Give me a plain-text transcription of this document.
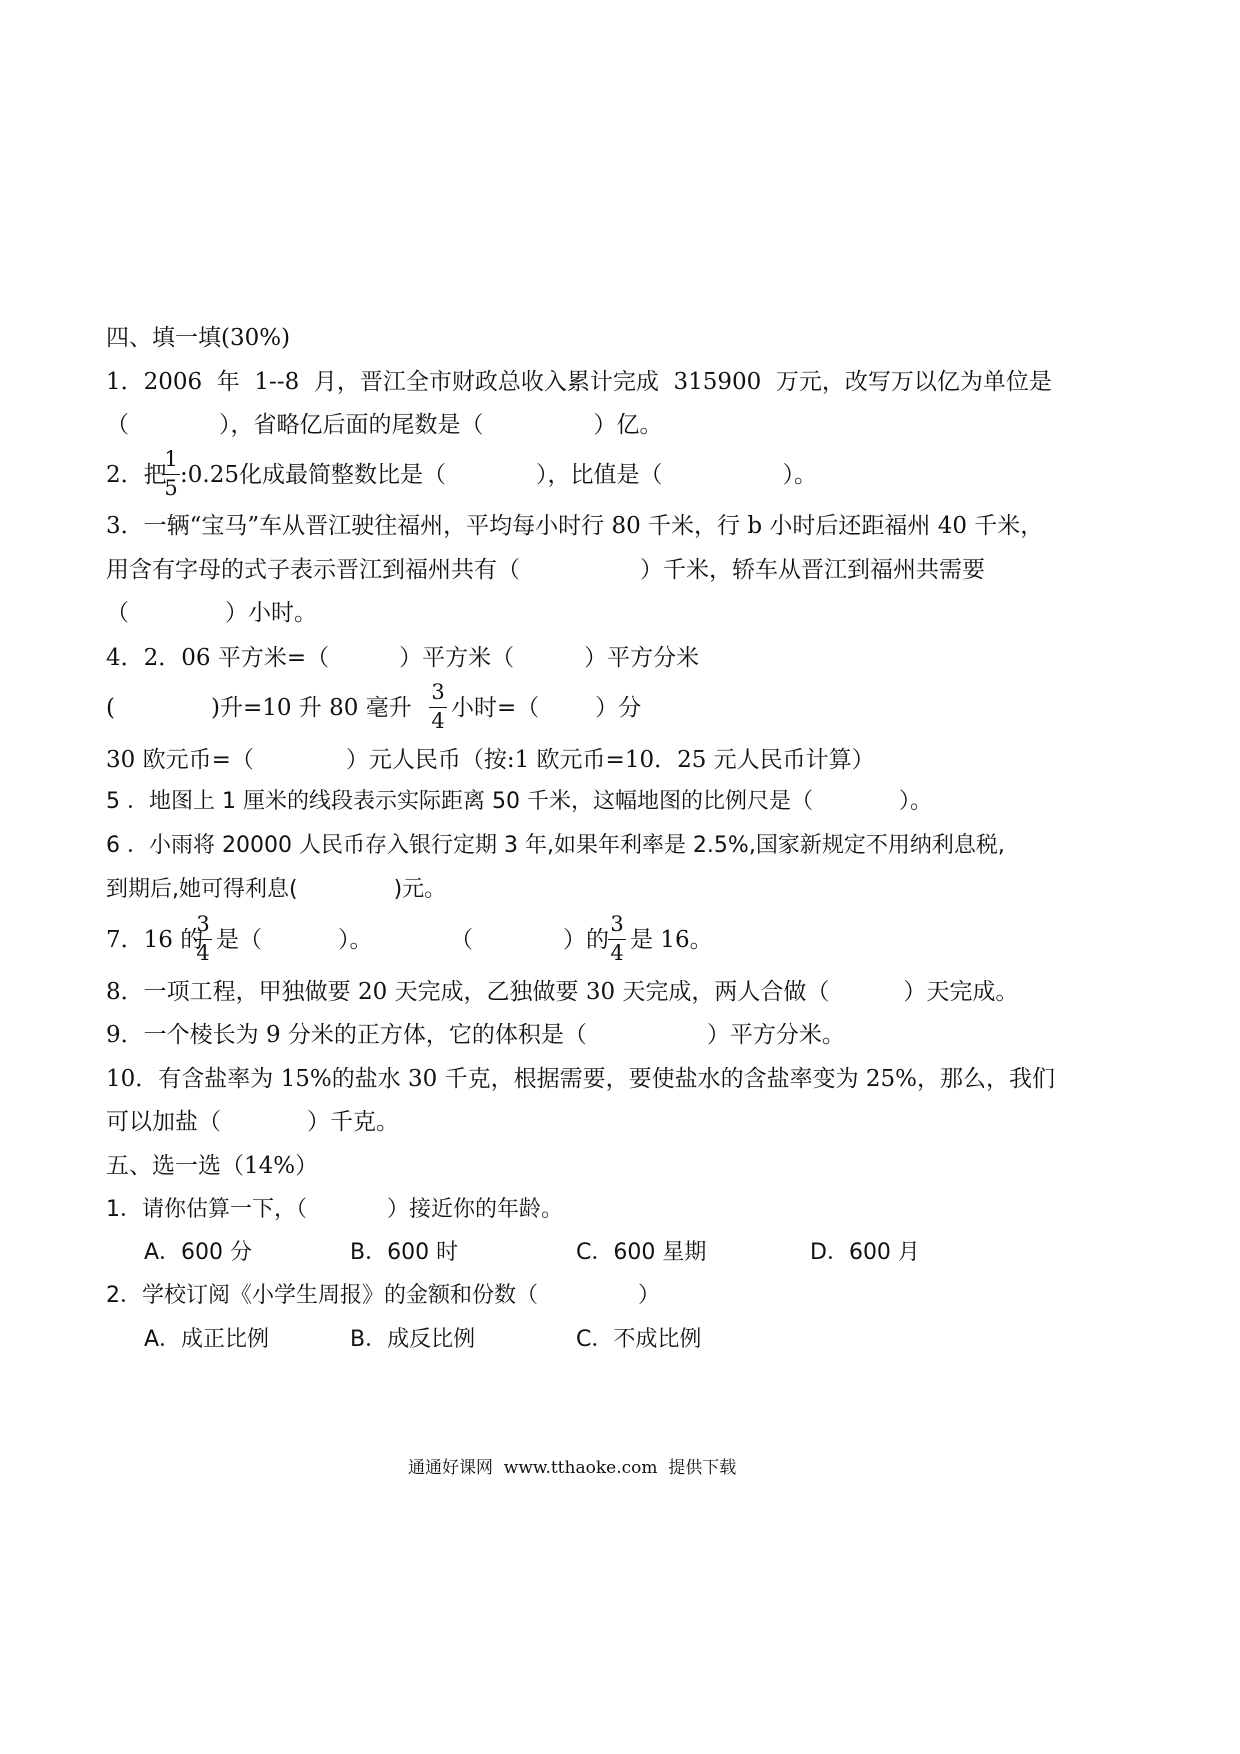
四、填一填(30%)
1．2006  年  1--8  月，晋江全市财政总收入累计完成  315900  万元，改写万以亿为单位是
（	），省略亿后面的尾数是（	）亿。
2．把
1
5 :0.25化成最简整数比是（	），比值是（	）。
3．一辆“宝马”车从晋江驶往福州，平均每小时行 80 千米，行 b 小时后还距福州 40 千米，
用含有字母的式子表示晋江到福州共有（	）千米，轿车从晋江到福州共需要
（	）小时。
4．2．06 平方米=（	）平方米（	）平方分米
(	)升=10 升 80 毫升
3
4 小时=（ ）分
30 欧元币=（	）元人民币（按:1 欧元币=10．25 元人民币计算）
5 ．地图上 1 厘米的线段表示实际距离 50 千米，这幅地图的比例尺是（	）。
6 ．小雨将 20000 人民币存入银行定期 3 年,如果年利率是 2.5%,国家新规定不用纳利息税,
到期后,她可得利息(	)元。
7．16 的
3
4 是（	）。	（	）的
3
4 是 16。
8．一项工程，甲独做要 20 天完成，乙独做要 30 天完成，两人合做（	）天完成。
9．一个棱长为 9 分米的正方体，它的体积是（	）平方分米。
10．有含盐率为 15%的盐水 30 千克，根据需要，要使盐水的含盐率变为 25%，那么，我们
可以加盐（	）千克。
五、选一选（14%）
1．请你估算一下，（	）接近你的年龄。
A．600 分	B．600 时	C．600 星期	D．600 月
2．学校订阅《小学生周报》的金额和份数（	）
A．成正比例	B．成反比例	C．不成比例
通通好课网  www.tthaoke.com  提供下载
